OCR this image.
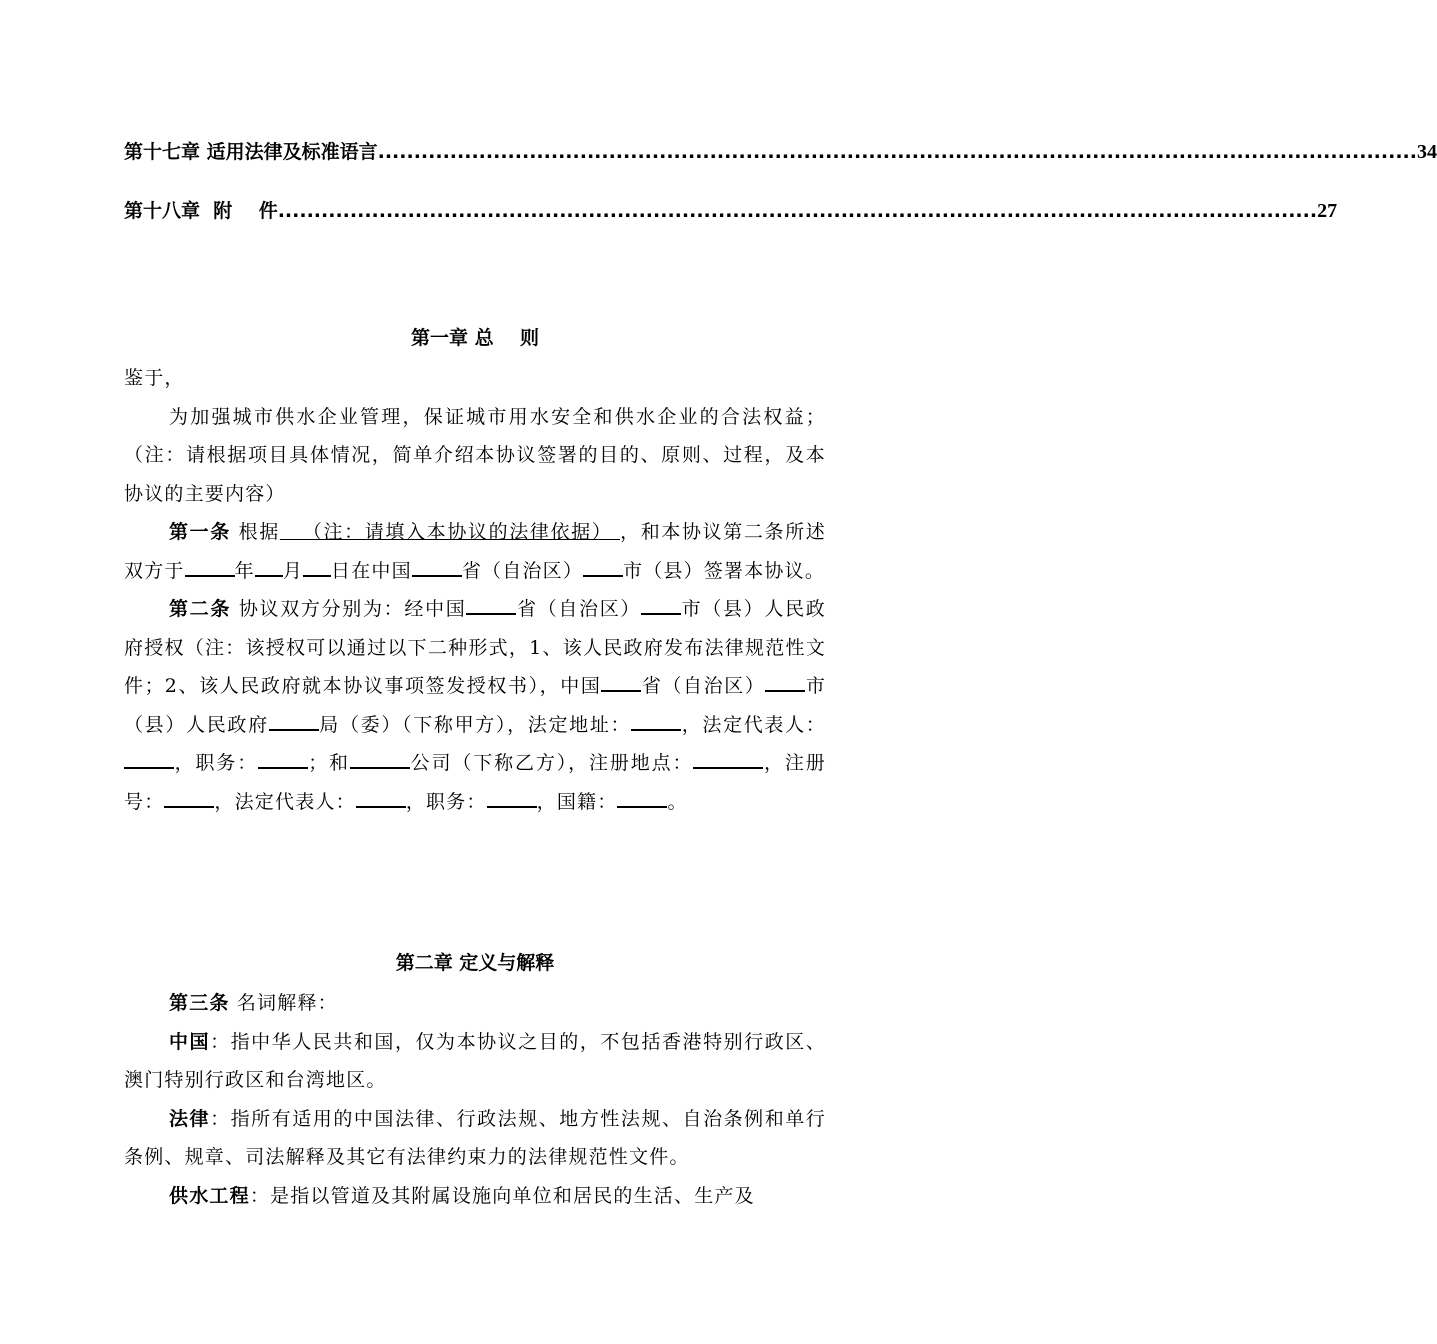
第十七章 适用法律及标准语言 ................................................................................................................................................ 34
第十八章  附    件 ................................................................................................................................................ 27
第一章 总    则

鉴于，

为加强城市供水企业管理，保证城市用水安全和供水企业的合法权益；（注：请根据项目具体情况，简单介绍本协议签署的目的、原则、过程，及本协议的主要内容）

第一条 根据   （注：请填入本协议的法律依据） ，和本协议第二条所述双方于	年 月 日在中国	省（自治区） 市（县）签署本协议。

第二条 协议双方分别为：经中国	省（自治区） 市（县）人民政府授权（注：该授权可以通过以下二种形式，1、该人民政府发布法律规范性文件；2、该人民政府就本协议事项签发授权书），中国 省（自治区） 市（县）人民政府	局（委）（下称甲方），法定地址：	，法定代表人：，职务：	；和	公司（下称乙方），注册地点：	，注册号：	，法定代表人：	，职务：	，国籍：	。

第二章 定义与解释

第三条 名词解释：

中国：指中华人民共和国，仅为本协议之目的，不包括香港特别行政区、澳门特别行政区和台湾地区。

法律：指所有适用的中国法律、行政法规、地方性法规、自治条例和单行条例、规章、司法解释及其它有法律约束力的法律规范性文件。

供水工程：是指以管道及其附属设施向单位和居民的生活、生产及
